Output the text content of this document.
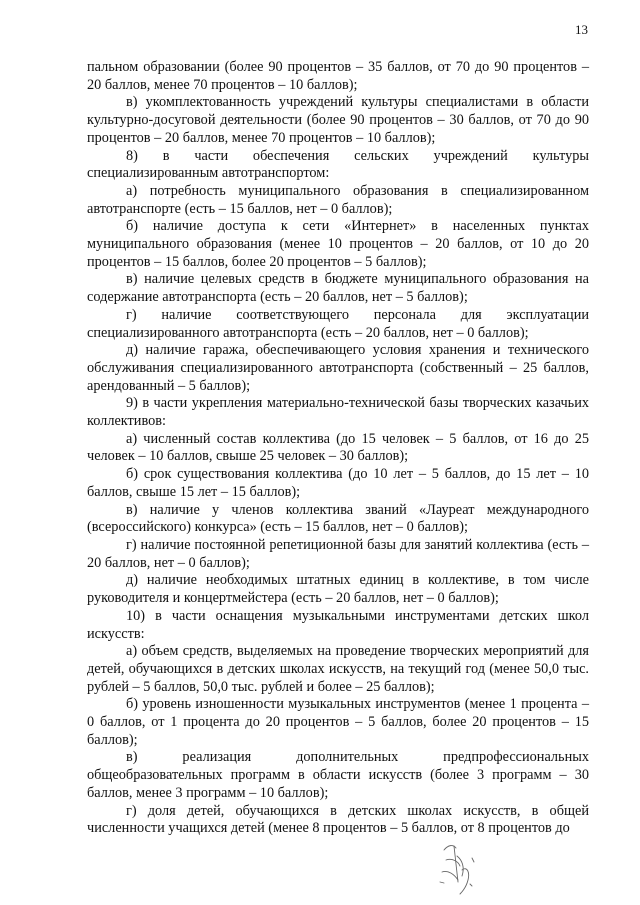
13

пальном образовании (более 90 процентов – 35 баллов, от 70 до 90 процентов – 20 баллов, менее 70 процентов – 10 баллов);

в) укомплектованность учреждений культуры специалистами в области культурно-досуговой деятельности (более 90 процентов – 30 баллов, от 70 до 90 процентов – 20 баллов, менее 70 процентов – 10 баллов);

8) в части обеспечения сельских учреждений культуры специализированным автотранспортом:

а) потребность муниципального образования в специализированном автотранспорте (есть – 15 баллов, нет – 0 баллов);

б) наличие доступа к сети «Интернет» в населенных пунктах муниципального образования (менее 10 процентов – 20 баллов, от 10 до 20 процентов – 15 баллов, более 20 процентов – 5 баллов);

в) наличие целевых средств в бюджете муниципального образования на содержание автотранспорта (есть – 20 баллов, нет – 5 баллов);

г) наличие соответствующего персонала для эксплуатации специализированного автотранспорта (есть – 20 баллов, нет – 0 баллов);

д) наличие гаража, обеспечивающего условия хранения и технического обслуживания специализированного автотранспорта (собственный – 25 баллов, арендованный – 5 баллов);

9) в части укрепления материально-технической базы творческих казачьих коллективов:

а) численный состав коллектива (до 15 человек – 5 баллов, от 16 до 25 человек – 10 баллов, свыше 25 человек – 30 баллов);

б) срок существования коллектива (до 10 лет – 5 баллов, до 15 лет – 10 баллов, свыше 15 лет – 15 баллов);

в) наличие у членов коллектива званий «Лауреат международного (всероссийского) конкурса» (есть – 15 баллов, нет – 0 баллов);

г) наличие постоянной репетиционной базы для занятий коллектива (есть – 20 баллов, нет – 0 баллов);

д) наличие необходимых штатных единиц в коллективе, в том числе руководителя и концертмейстера (есть – 20 баллов, нет – 0 баллов);

10) в части оснащения музыкальными инструментами детских школ искусств:

а) объем средств, выделяемых на проведение творческих мероприятий для детей, обучающихся в детских школах искусств, на текущий год (менее 50,0 тыс. рублей – 5 баллов, 50,0 тыс. рублей и более – 25 баллов);

б) уровень изношенности музыкальных инструментов (менее 1 процента – 0 баллов, от 1 процента до 20 процентов – 5 баллов, более 20 процентов – 15 баллов);

в) реализация дополнительных предпрофессиональных общеобразовательных программ в области искусств (более 3 программ – 30 баллов, менее 3 программ – 10 баллов);

г) доля детей, обучающихся в детских школах искусств, в общей численности учащихся детей (менее 8 процентов – 5 баллов, от 8 процентов до
